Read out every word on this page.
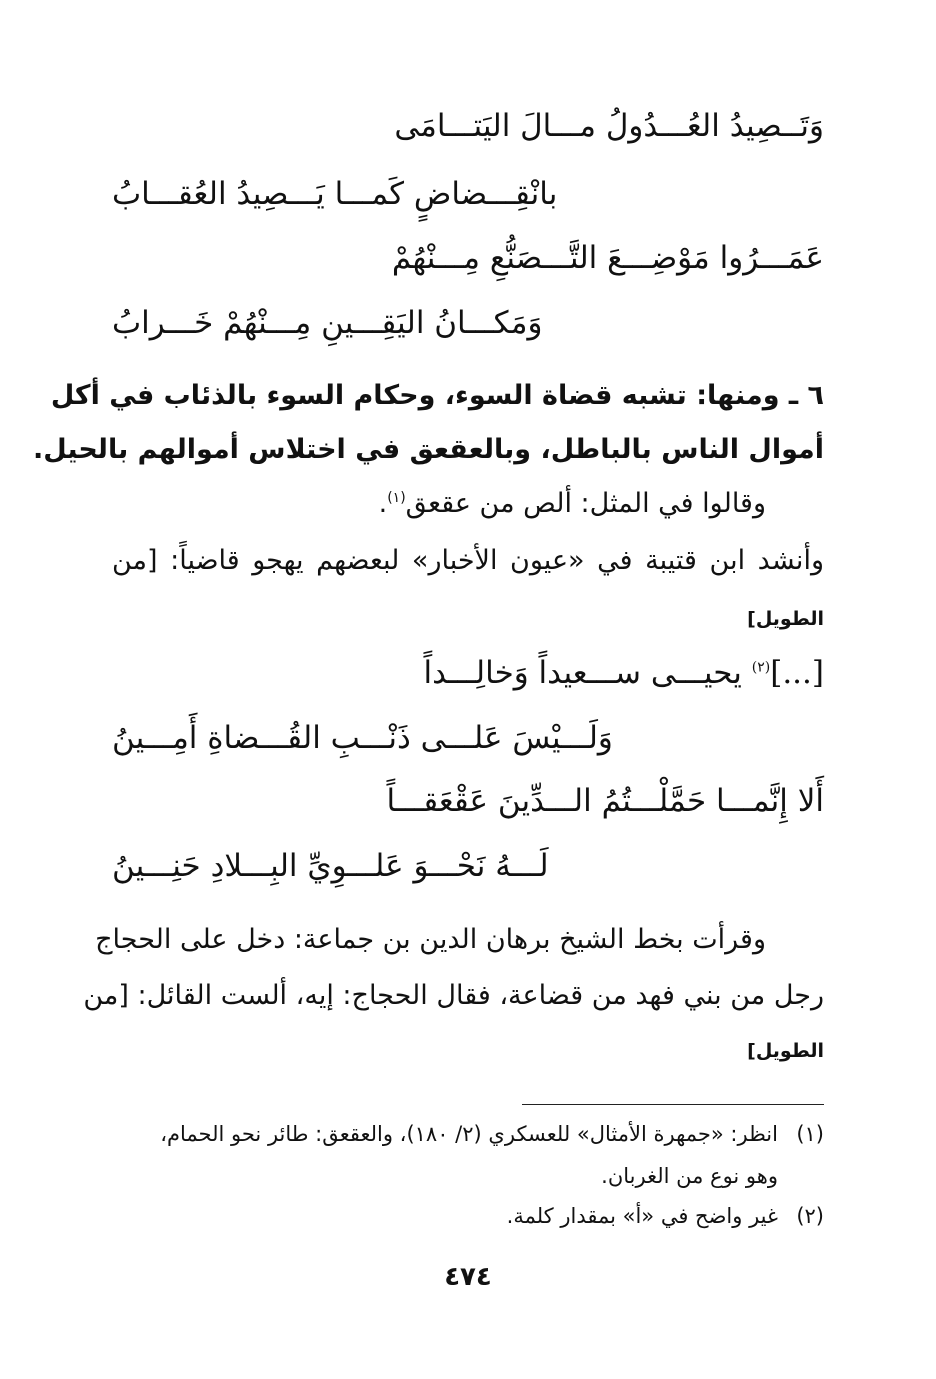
وَتَــصِيدُ العُـــدُولُ مـــالَ اليَتـــامَى
بانْقِـــضاضٍ كَمـــا يَـــصِيدُ العُقـــابُ
عَمَـــرُوا مَوْضِـــعَ التَّـــصَنُّعِ مِـــنْهُمْ
وَمَكـــانُ اليَقِـــينِ مِـــنْهُمْ خَـــرابُ
٦ ـ ومنها: تشبه قضاة السوء، وحكام السوء بالذئاب في أكل
أموال الناس بالباطل، وبالعقعق في اختلاس أموالهم بالحيل.
وقالوا في المثل: ألص من عقعق$^{(١)}$.
وأنشد ابن قتيبة في «عيون الأخبار» لبعضهم يهجو قاضياً: [من
الطويل]
[...]$^{(٢)}$ يحيـــى ســـعيداً وَخالِـــداً
وَلَـــيْسَ عَلـــى ذَنْـــبِ القُـــضاةِ أَمِـــينُ
أَلا إِنَّمـــا حَمَّلْـــتُمُ الـــدِّينَ عَقْعَقـــاً
لَـــهُ نَحْـــوَ عَلـــوِيِّ البِـــلادِ حَنِـــينُ
وقرأت بخط الشيخ برهان الدين بن جماعة: دخل على الحجاج
رجل من بني فهد من قضاعة، فقال الحجاج: إيه، ألست القائل: [من
الطويل]
(١)انظر: «جمهرة الأمثال» للعسكري (٢/ ١٨٠)، والعقعق: طائر نحو الحمام،
وهو نوع من الغربان.
(٢)غير واضح في «أ» بمقدار كلمة.
٤٧٤
